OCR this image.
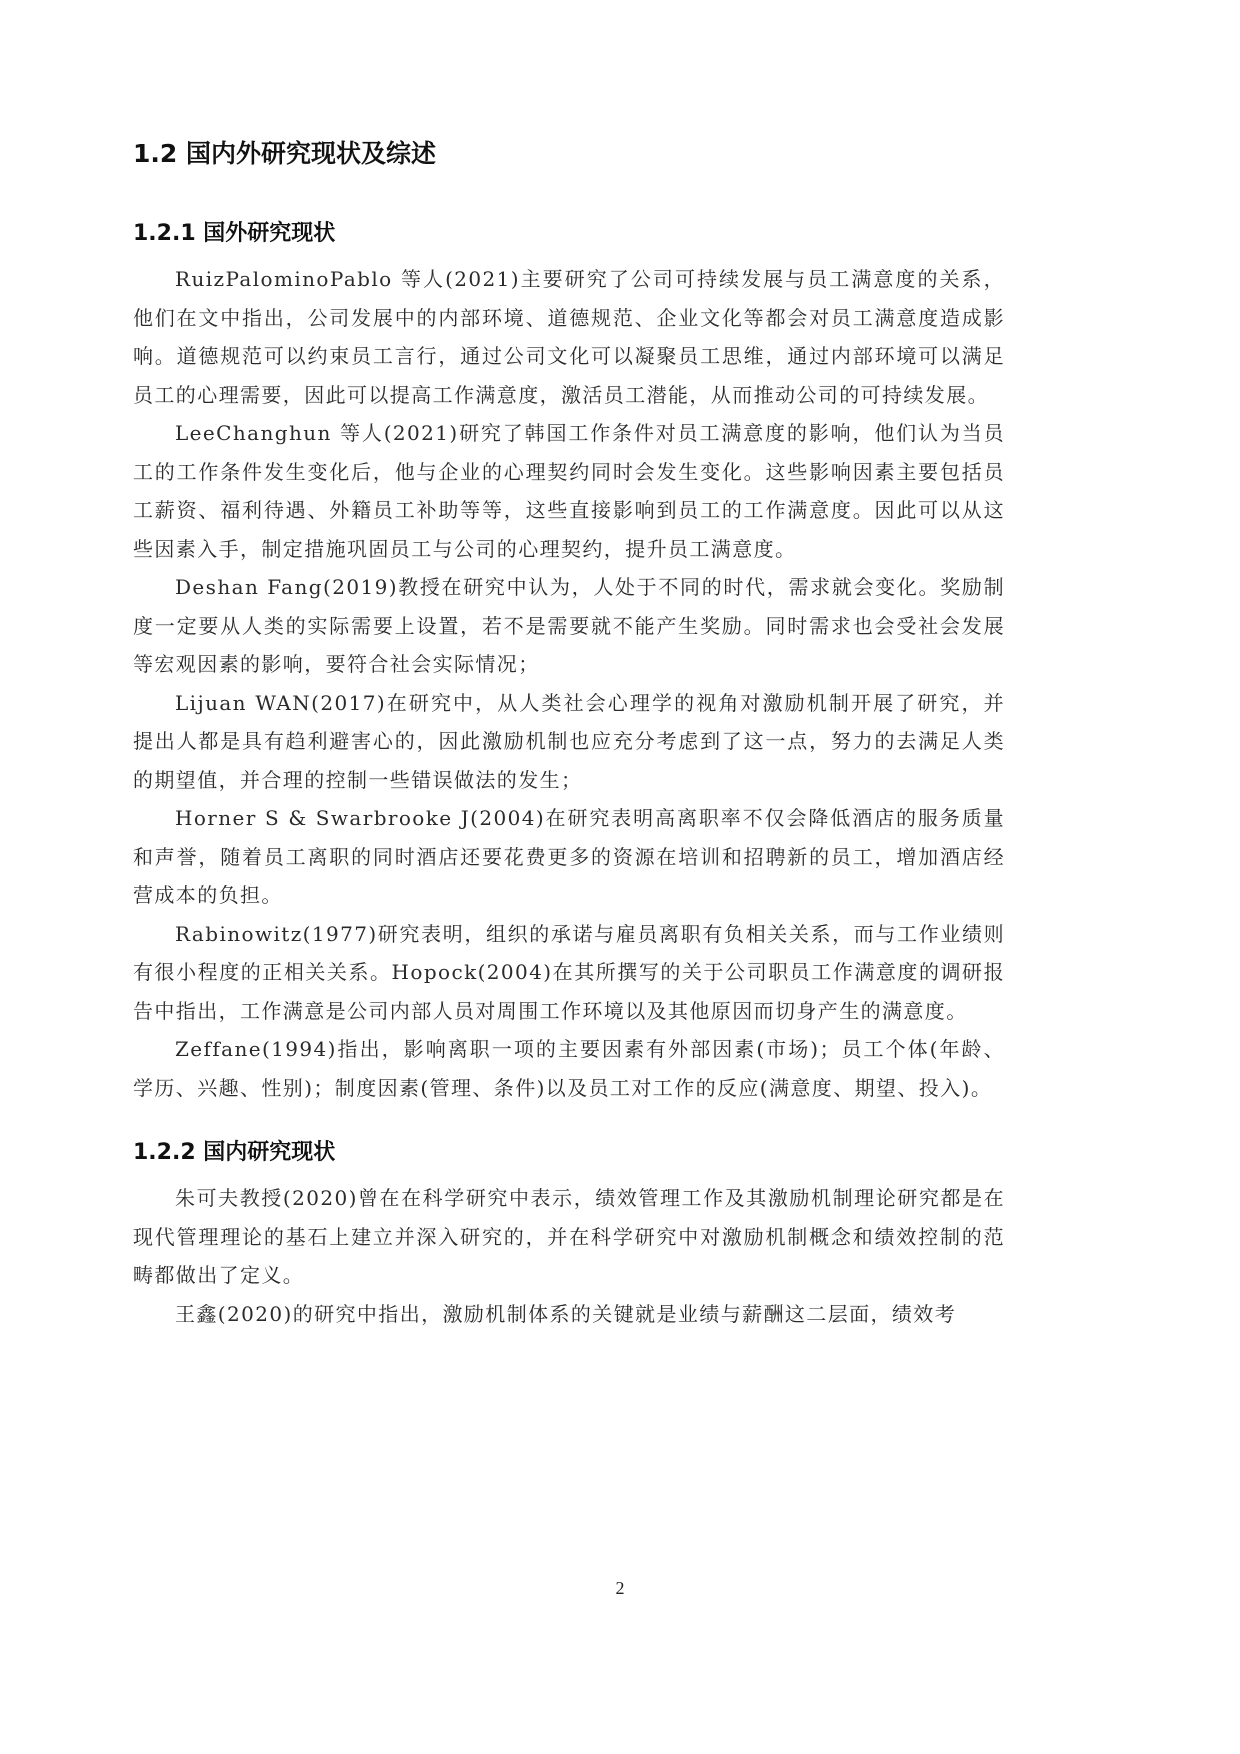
1.2 国内外研究现状及综述
1.2.1 国外研究现状

RuizPalominoPablo 等人(2021)主要研究了公司可持续发展与员工满意度的关系，他们在文中指出，公司发展中的内部环境、道德规范、企业文化等都会对员工满意度造成影响。道德规范可以约束员工言行，通过公司文化可以凝聚员工思维，通过内部环境可以满足员工的心理需要，因此可以提高工作满意度，激活员工潜能，从而推动公司的可持续发展。

LeeChanghun 等人(2021)研究了韩国工作条件对员工满意度的影响，他们认为当员工的工作条件发生变化后，他与企业的心理契约同时会发生变化。这些影响因素主要包括员工薪资、福利待遇、外籍员工补助等等，这些直接影响到员工的工作满意度。因此可以从这些因素入手，制定措施巩固员工与公司的心理契约，提升员工满意度。

Deshan Fang(2019)教授在研究中认为，人处于不同的时代，需求就会变化。奖励制度一定要从人类的实际需要上设置，若不是需要就不能产生奖励。同时需求也会受社会发展等宏观因素的影响，要符合社会实际情况；

Lijuan WAN(2017)在研究中，从人类社会心理学的视角对激励机制开展了研究，并提出人都是具有趋利避害心的，因此激励机制也应充分考虑到了这一点，努力的去满足人类的期望值，并合理的控制一些错误做法的发生；

Horner S & Swarbrooke J(2004)在研究表明高离职率不仅会降低酒店的服务质量和声誉，随着员工离职的同时酒店还要花费更多的资源在培训和招聘新的员工，增加酒店经营成本的负担。

Rabinowitz(1977)研究表明，组织的承诺与雇员离职有负相关关系，而与工作业绩则有很小程度的正相关关系。Hopock(2004)在其所撰写的关于公司职员工作满意度的调研报告中指出，工作满意是公司内部人员对周围工作环境以及其他原因而切身产生的满意度。

Zeffane(1994)指出，影响离职一项的主要因素有外部因素(市场)；员工个体(年龄、学历、兴趣、性别)；制度因素(管理、条件)以及员工对工作的反应(满意度、期望、投入)。

1.2.2 国内研究现状

朱可夫教授(2020)曾在在科学研究中表示，绩效管理工作及其激励机制理论研究都是在现代管理理论的基石上建立并深入研究的，并在科学研究中对激励机制概念和绩效控制的范畴都做出了定义。

王鑫(2020)的研究中指出，激励机制体系的关键就是业绩与薪酬这二层面，绩效考

2
